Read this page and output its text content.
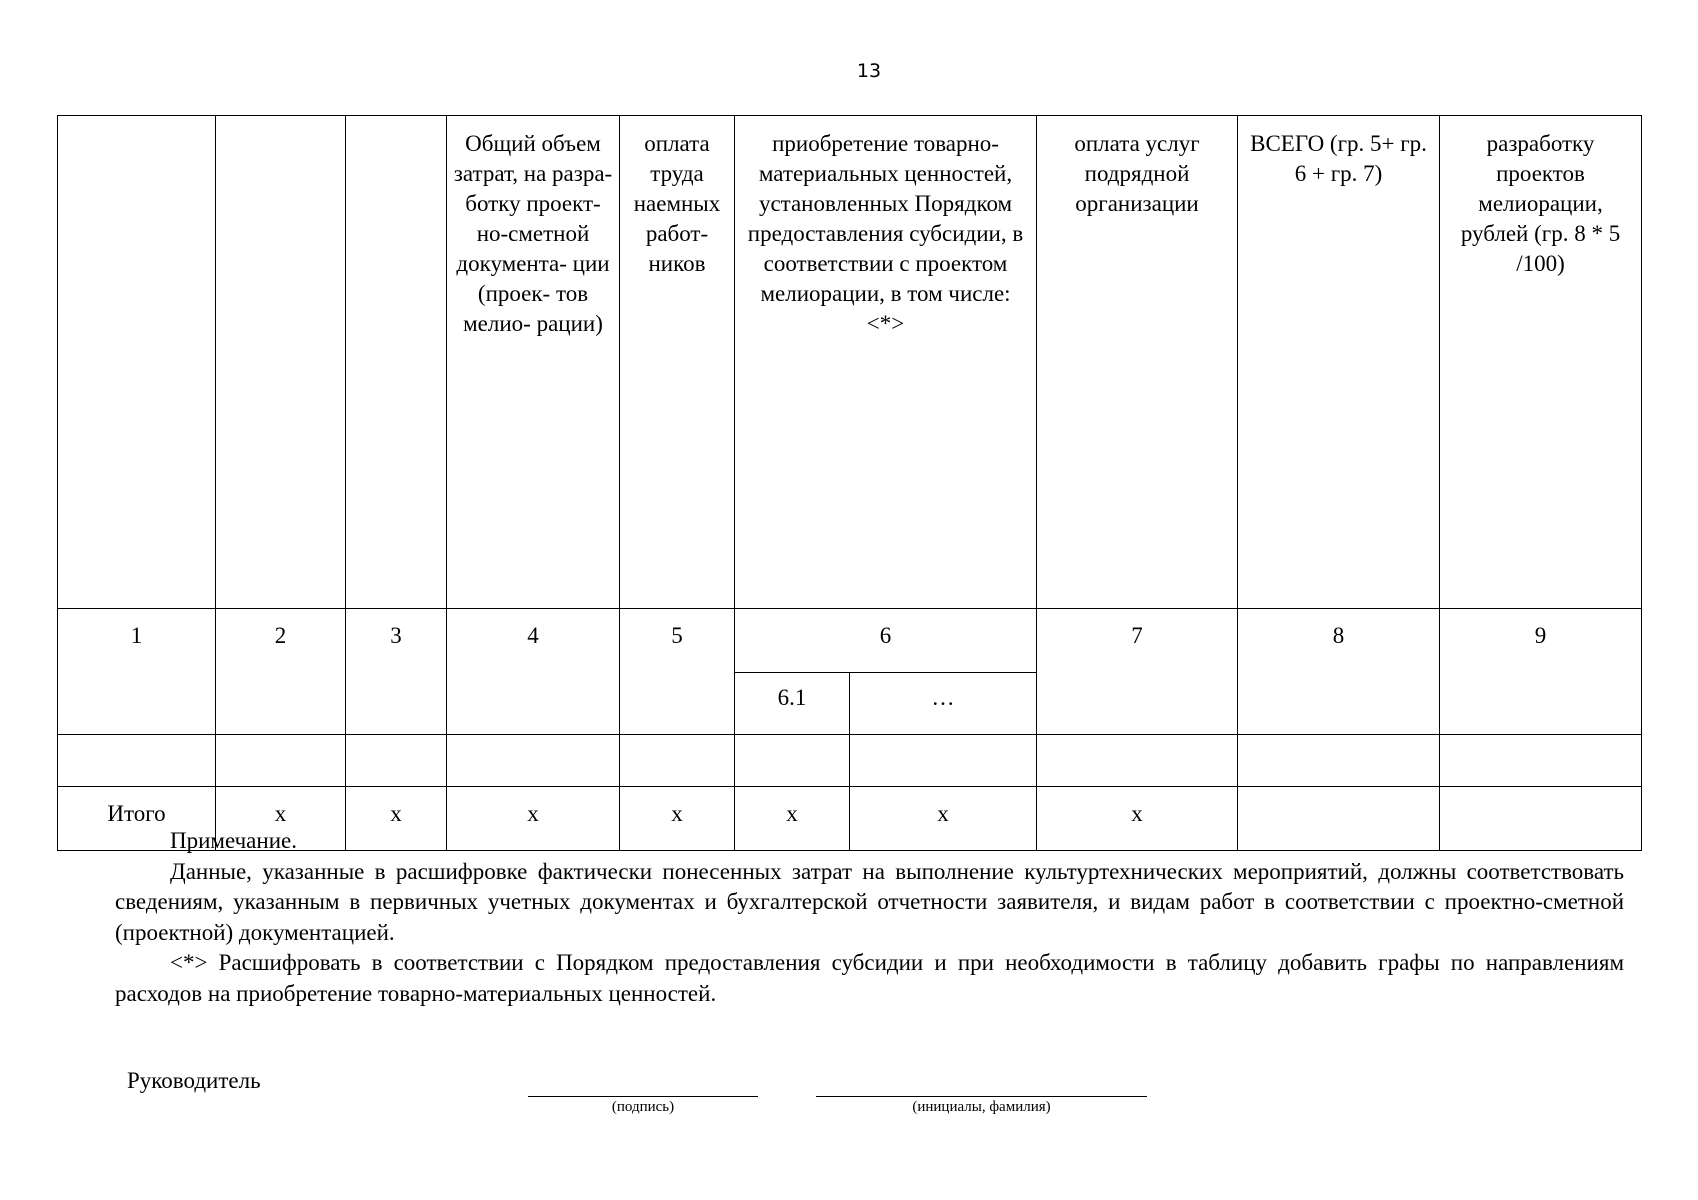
13
			Общий объем затрат, на разра- ботку проект- но-сметной документа- ции (проек- тов мелио- рации)	оплата труда наемных работ- ников	приобретение товарно- материальных ценностей, установленных Порядком предоставления субсидии, в соответствии с проектом мелиорации, в том числе: <*>		оплата услуг подрядной организации	ВСЕГО (гр. 5+ гр. 6 + гр. 7)	разработку проектов мелиорации, рублей (гр. 8 * 5 /100)
1	2	3	4	5	6		7	8	9
					6.1	…			

Итого	х	х	х	х	х	х	х		

Примечание.

Данные, указанные в расшифровке фактически понесенных затрат на выполнение культуртехнических мероприятий, должны соответствовать сведениям, указанным в первичных учетных документах и бухгалтерской отчетности заявителя, и видам работ в соответствии с проектно-сметной (проектной) документацией.

<*> Расшифровать в соответствии с Порядком предоставления субсидии и при необходимости в таблицу добавить графы по направлениям расходов на приобретение товарно-материальных ценностей.

Руководитель
(подпись)	(инициалы, фамилия)
